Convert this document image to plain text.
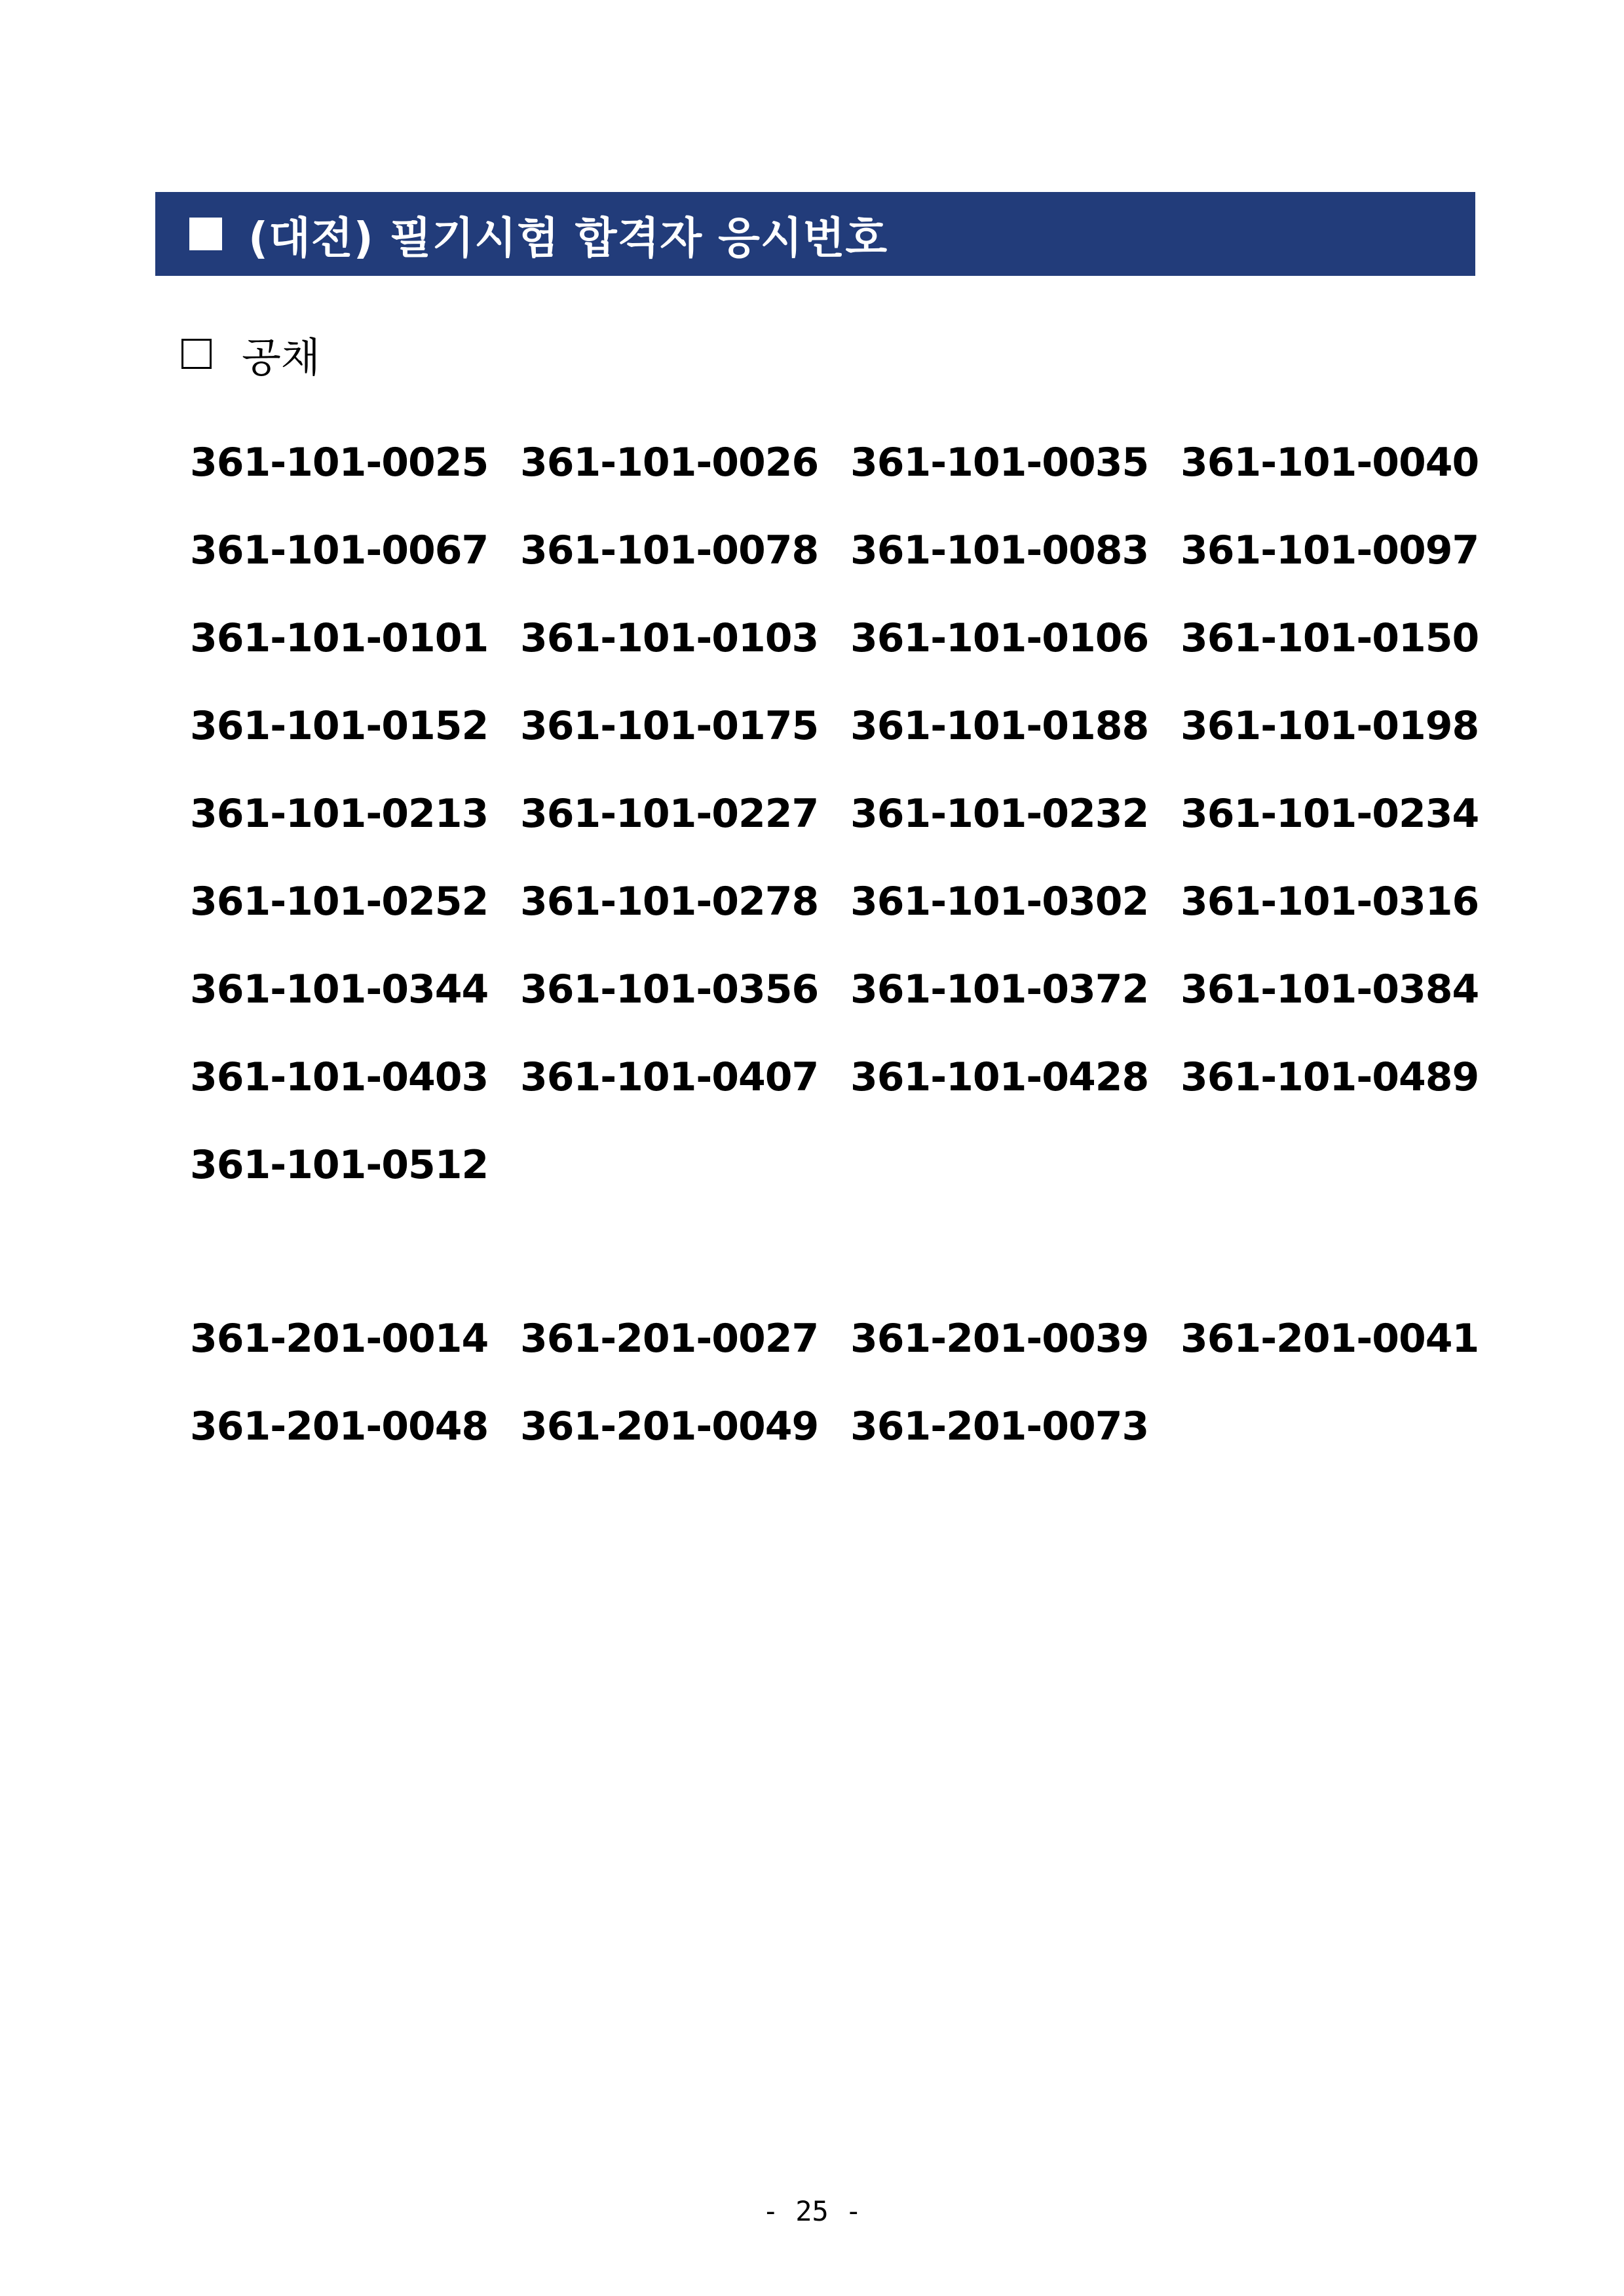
(대전) 필기시험 합격자 응시번호
공채
361-101-0025 361-101-0026 361-101-0035 361-101-0040
361-101-0067 361-101-0078 361-101-0083 361-101-0097
361-101-0101 361-101-0103 361-101-0106 361-101-0150
361-101-0152 361-101-0175 361-101-0188 361-101-0198
361-101-0213 361-101-0227 361-101-0232 361-101-0234
361-101-0252 361-101-0278 361-101-0302 361-101-0316
361-101-0344 361-101-0356 361-101-0372 361-101-0384
361-101-0403 361-101-0407 361-101-0428 361-101-0489
361-101-0512
361-201-0014 361-201-0027 361-201-0039 361-201-0041
361-201-0048 361-201-0049 361-201-0073
- 25 -
